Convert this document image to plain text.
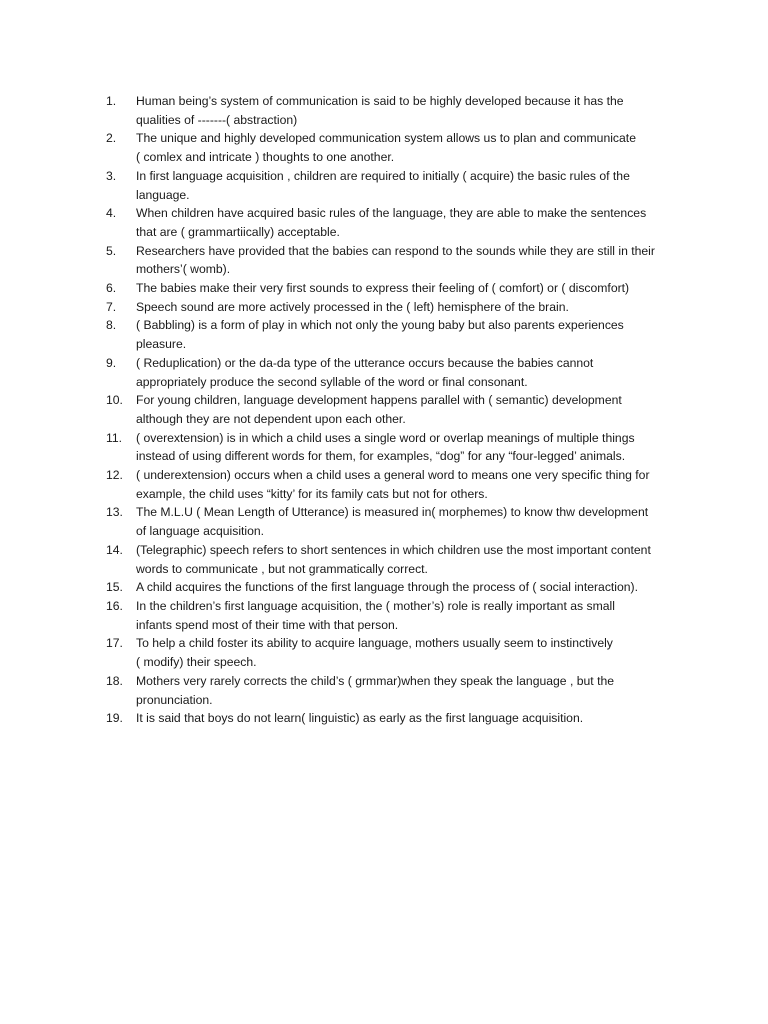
1.	Human being’s system of communication is said to be highly developed because it has the
qualities of -------( abstraction)
2.	The unique and highly developed communication system allows us to plan and communicate
( comlex and intricate ) thoughts to one another.
3.	In first language acquisition , children are required to initially ( acquire) the basic rules of the
language.
4.	When children have acquired basic rules of the language, they are able to make the sentences
that are ( grammartiically) acceptable.
5.	Researchers have provided that the babies can respond to the sounds while they are still in their
mothers’( womb).
6.	The babies make their very first sounds to express their feeling of ( comfort) or ( discomfort)
7.	Speech sound are more actively processed in the ( left) hemisphere of the brain.
8.	( Babbling) is a form of play in which not only the young baby but also parents experiences
pleasure.
9.	( Reduplication) or the da-da type of the utterance occurs because the babies cannot
appropriately produce the second syllable of the word or final consonant.
10.	For young children, language development happens parallel with ( semantic) development
although they are not dependent upon each other.
11.	( overextension) is in which a child uses a single word or overlap meanings of multiple things
instead of using different words for them, for examples, “dog” for any “four-legged’ animals.
12.	( underextension) occurs when a child uses a general word to means one very specific thing for
example, the child uses “kitty’ for its family cats but not for others.
13.	The M.L.U ( Mean Length of Utterance) is measured in( morphemes) to know thw development
of language acquisition.
14.	(Telegraphic) speech refers to short sentences in which children use the most important content
words to communicate , but not grammatically correct.
15.	A child acquires the functions of the first language through the process of ( social interaction).
16.	In the children’s first language acquisition, the ( mother’s) role is really important as small
infants spend most of their time with that person.
17.	To help a child foster its ability to acquire language, mothers usually seem to instinctively
( modify) their speech.
18.	Mothers very rarely corrects the child’s ( grmmar)when they speak the language , but the
pronunciation.
19.	It is said that boys do not learn( linguistic) as early as the first language acquisition.
